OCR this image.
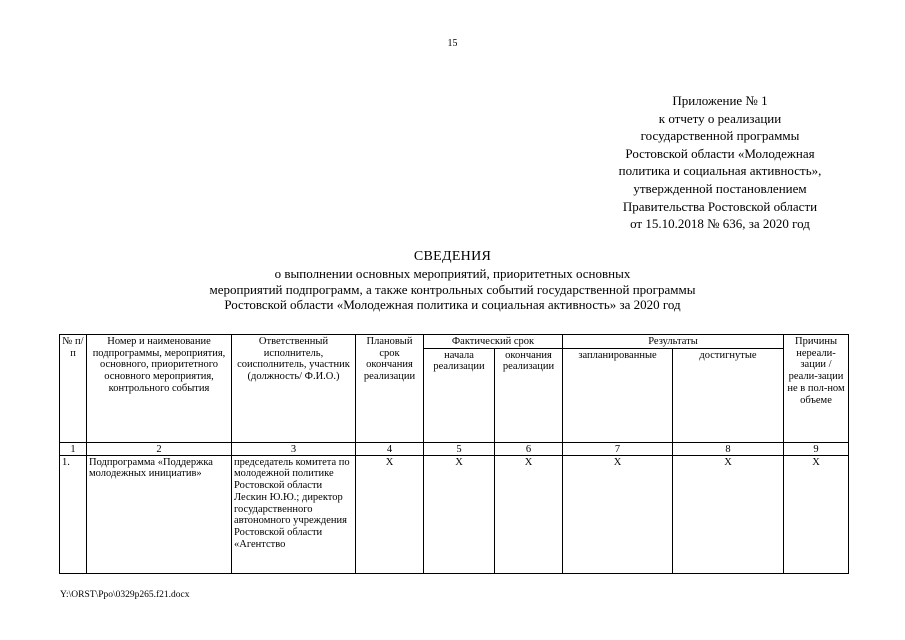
15
Приложение № 1
к отчету о реализации
государственной программы
Ростовской области «Молодежная
политика и социальная активность»,
утвержденной постановлением
Правительства Ростовской области
от 15.10.2018 № 636, за 2020 год
СВЕДЕНИЯ
о выполнении основных мероприятий, приоритетных основных
мероприятий подпрограмм, а также контрольных событий государственной программы
Ростовской области «Молодежная политика и социальная активность» за 2020 год
№ п/п	Номер и наименование подпрограммы, мероприятия, основного, приоритетного основного мероприятия, контрольного события	Ответственный исполнитель, соисполнитель, участник (должность/ Ф.И.О.)	Плановый срок окончания реализации	Фактический срок		Результаты		Причины нереали-зации / реали-зации не в пол-ном объеме
				начала реализации	окончания реализации	запланированные	достигнутые	
1	2	3	4	5	6	7	8	9
1.	Подпрограмма «Поддержка молодежных инициатив»	председатель комитета по молодежной политике Ростовской области Лескин Ю.Ю.; директор государственного автономного учреждения Ростовской области «Агентство	X	X	X	X	X	X
Y:\ORST\Ppo\0329p265.f21.docx
